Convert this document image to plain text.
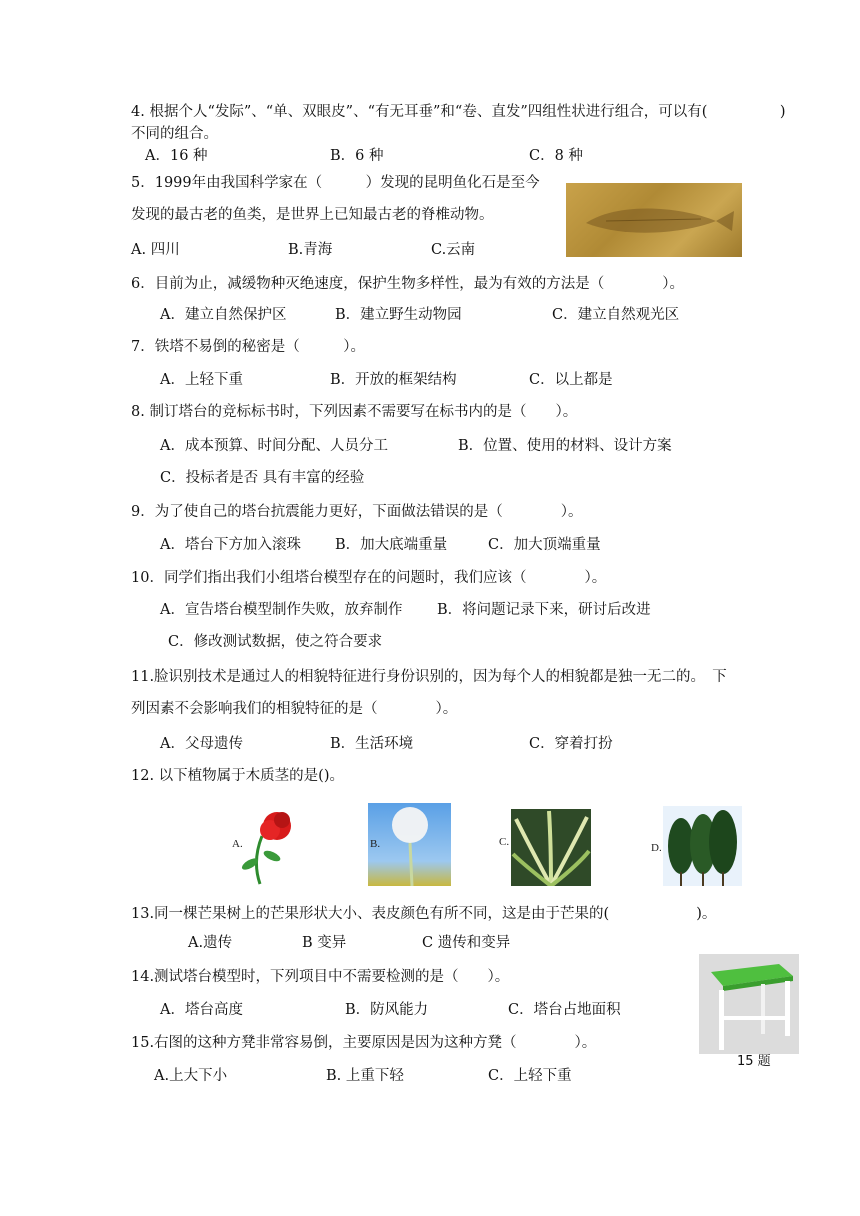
4. 根据个人“发际”、“单、双眼皮”、“有无耳垂”和“卷、直发”四组性状进行组合，可以有(　　　　　)
不同的组合。
A．16 种	B．6 种	C．8 种
5．1999年由我国科学家在（　　　）发现的昆明鱼化石是至今
发现的最古老的鱼类，是世界上已知最古老的脊椎动物。
A. 四川	B.青海	C.云南
6．目前为止，减缓物种灭绝速度，保护生物多样性，最为有效的方法是（　　　　）。
A．建立自然保护区	B．建立野生动物园	C．建立自然观光区
7．铁塔不易倒的秘密是（　　　）。
A．上轻下重	B．开放的框架结构	C．以上都是
8. 制订塔台的竞标标书时，下列因素不需要写在标书内的是（　　）。
A．成本预算、时间分配、人员分工	B．位置、使用的材料、设计方案
C．投标者是否 具有丰富的经验
9．为了使自己的塔台抗震能力更好，下面做法错误的是（　　　　）。
A．塔台下方加入滚珠 B．加大底端重量	C．加大顶端重量
10．同学们指出我们小组塔台模型存在的问题时，我们应该（　　　　）。
A．宣告塔台模型制作失败，放弃制作 B．将问题记录下来，研讨后改进
C．修改测试数据，使之符合要求
11.脸识别技术是通过人的相貌特征进行身份识别的，因为每个人的相貌都是独一无二的。　下
列因素不会影响我们的相貌特征的是（　　　　）。
A．父母遗传	B．生活环境	C．穿着打扮
12. 以下植物属于木质茎的是()。
A.	B.	C.	D.
13.同一棵芒果树上的芒果形状大小、表皮颜色有所不同，这是由于芒果的(　　　　　　)。
A.遗传	B 变异	C 遗传和变异
14.测试塔台模型时，下列项目中不需要检测的是（　　）。
A．塔台高度	B．防风能力	C．塔台占地面积
15 题
15.右图的这种方凳非常容易倒，主要原因是因为这种方凳（　　　　）。
A.上大下小	B. 上重下轻	C．上轻下重
